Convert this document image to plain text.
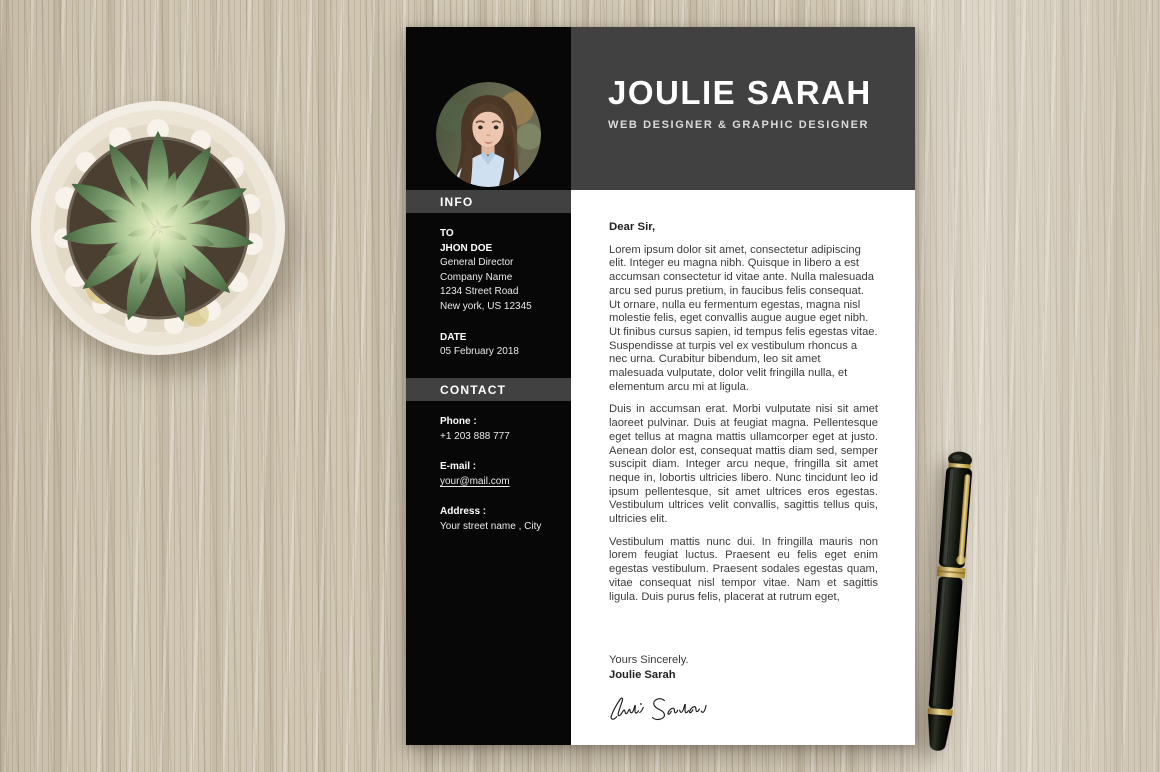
INFO
TO
JHON DOE
General Director
Company Name
1234 Street Road
New york, US 12345
DATE
05 February 2018
CONTACT
Phone :
+1 203 888 777
E-mail :
your@mail.com
Address :
Your street name , City
JOULIE SARAH
WEB DESIGNER & GRAPHIC DESIGNER
Dear Sir,

Lorem ipsum dolor sit amet, consectetur adipiscing elit. Integer eu magna nibh. Quisque in libero a est accumsan consectetur id vitae ante. Nulla malesuada arcu sed purus pretium, in faucibus felis consequat. Ut ornare, nulla eu fermentum egestas, magna nisl molestie felis, eget convallis augue augue eget nibh. Ut finibus cursus sapien, id tempus felis egestas vitae. Suspendisse at turpis vel ex vestibulum rhoncus a nec urna. Curabitur bibendum, leo sit amet malesuada vulputate, dolor velit fringilla nulla, et elementum arcu mi at ligula.

Duis in accumsan erat. Morbi vulputate nisi sit amet laoreet pulvinar. Duis at feugiat magna. Pellentesque eget tellus at magna mattis ullamcorper eget at justo. Aenean dolor est, consequat mattis diam sed, semper suscipit diam. Integer arcu neque, fringilla sit amet neque in, lobortis ultricies libero. Nunc tincidunt leo id ipsum pellentesque, sit amet ultrices eros egestas. Vestibulum ultrices velit convallis, sagittis tellus quis, ultricies elit.

Vestibulum mattis nunc dui. In fringilla mauris non lorem feugiat luctus. Praesent eu felis eget enim egestas vestibulum. Praesent sodales egestas quam, vitae consequat nisl tempor vitae. Nam et sagittis ligula. Duis purus felis, placerat at rutrum eget,

Yours Sincerely.
Joulie Sarah
